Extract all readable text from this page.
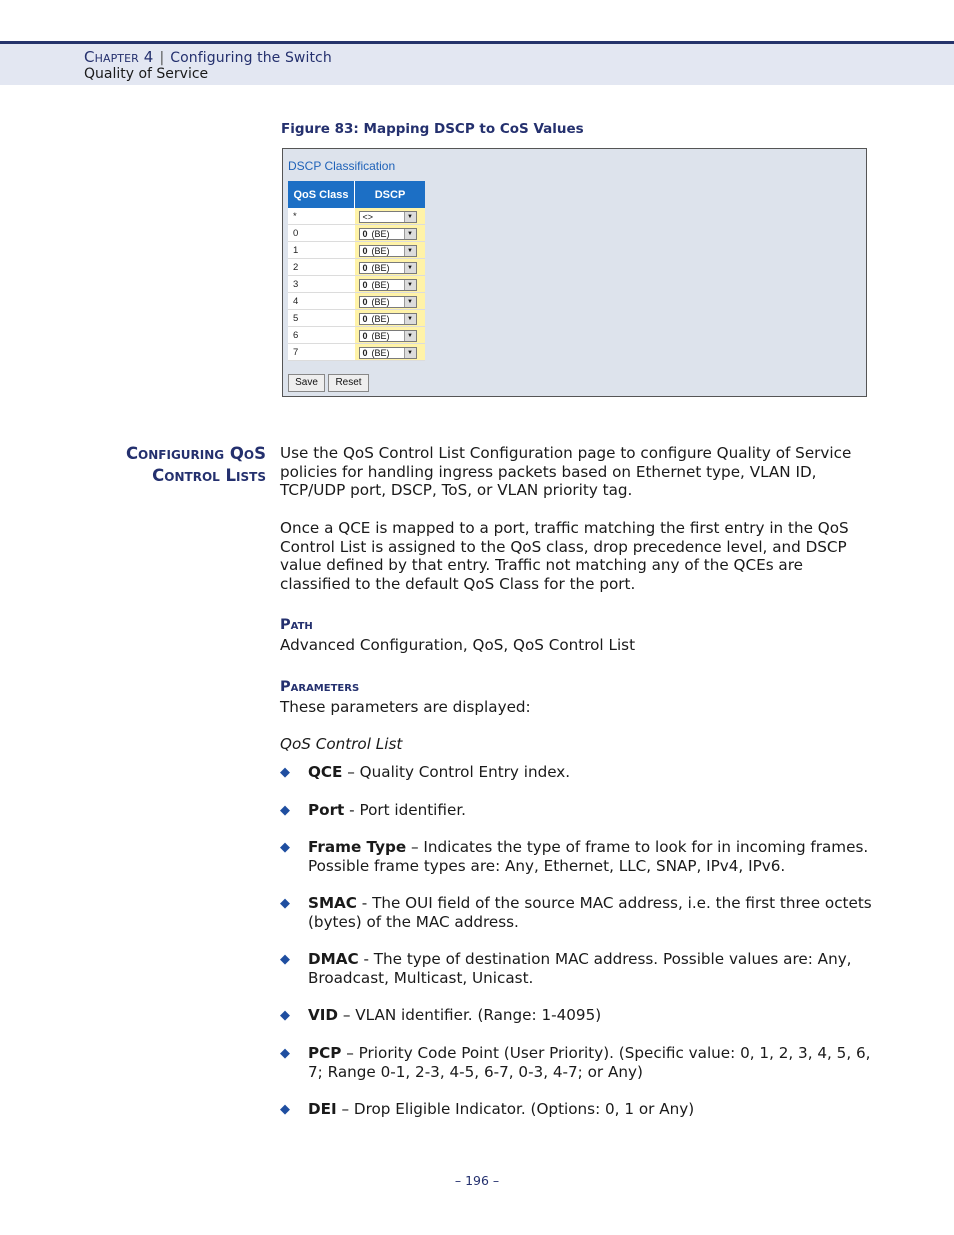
Chapter 4 | Configuring the Switch
Quality of Service
Figure 83: Mapping DSCP to CoS Values
DSCP Classification
QoS Class	DSCP
*	<> ▼

0	0 (BE) ▼

1	0 (BE) ▼

2	0 (BE) ▼

3	0 (BE) ▼

4	0 (BE) ▼

5	0 (BE) ▼

6	0 (BE) ▼

7	0 (BE) ▼
Save	Reset
Configuring QoS
Control Lists
Use the QoS Control List Configuration page to configure Quality of Service policies for handling ingress packets based on Ethernet type, VLAN ID, TCP/UDP port, DSCP, ToS, or VLAN priority tag.
Once a QCE is mapped to a port, traffic matching the first entry in the QoS Control List is assigned to the QoS class, drop precedence level, and DSCP value defined by that entry. Traffic not matching any of the QCEs are classified to the default QoS Class for the port.
Path
Advanced Configuration, QoS, QoS Control List
Parameters
These parameters are displayed:
QoS Control List
◆ QCE – Quality Control Entry index.
◆ Port - Port identifier.
◆ Frame Type – Indicates the type of frame to look for in incoming frames. Possible frame types are: Any, Ethernet, LLC, SNAP, IPv4, IPv6.
◆ SMAC - The OUI field of the source MAC address, i.e. the first three octets (bytes) of the MAC address.
◆ DMAC - The type of destination MAC address. Possible values are: Any, Broadcast, Multicast, Unicast.
◆ VID – VLAN identifier. (Range: 1-4095)
◆ PCP – Priority Code Point (User Priority). (Specific value: 0, 1, 2, 3, 4, 5, 6, 7; Range 0-1, 2-3, 4-5, 6-7, 0-3, 4-7; or Any)
◆ DEI – Drop Eligible Indicator. (Options: 0, 1 or Any)
– 196 –
